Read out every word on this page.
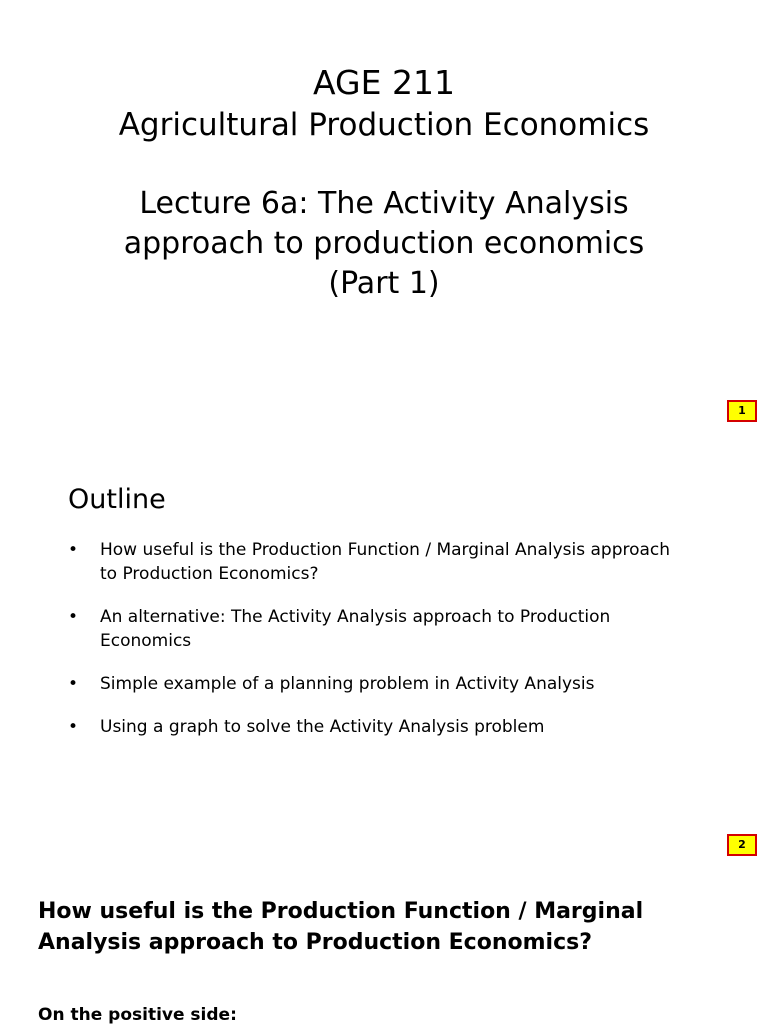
AGE 211
Agricultural Production Economics
Lecture 6a: The Activity Analysis approach to production economics (Part 1)
1
Outline
• How useful is the Production Function / Marginal Analysis approach to Production Economics?
• An alternative: The Activity Analysis approach to Production Economics
• Simple example of a planning problem in Activity Analysis
• Using a graph to solve the Activity Analysis problem
2
How useful is the Production Function / Marginal Analysis approach to Production Economics?
On the positive side:
